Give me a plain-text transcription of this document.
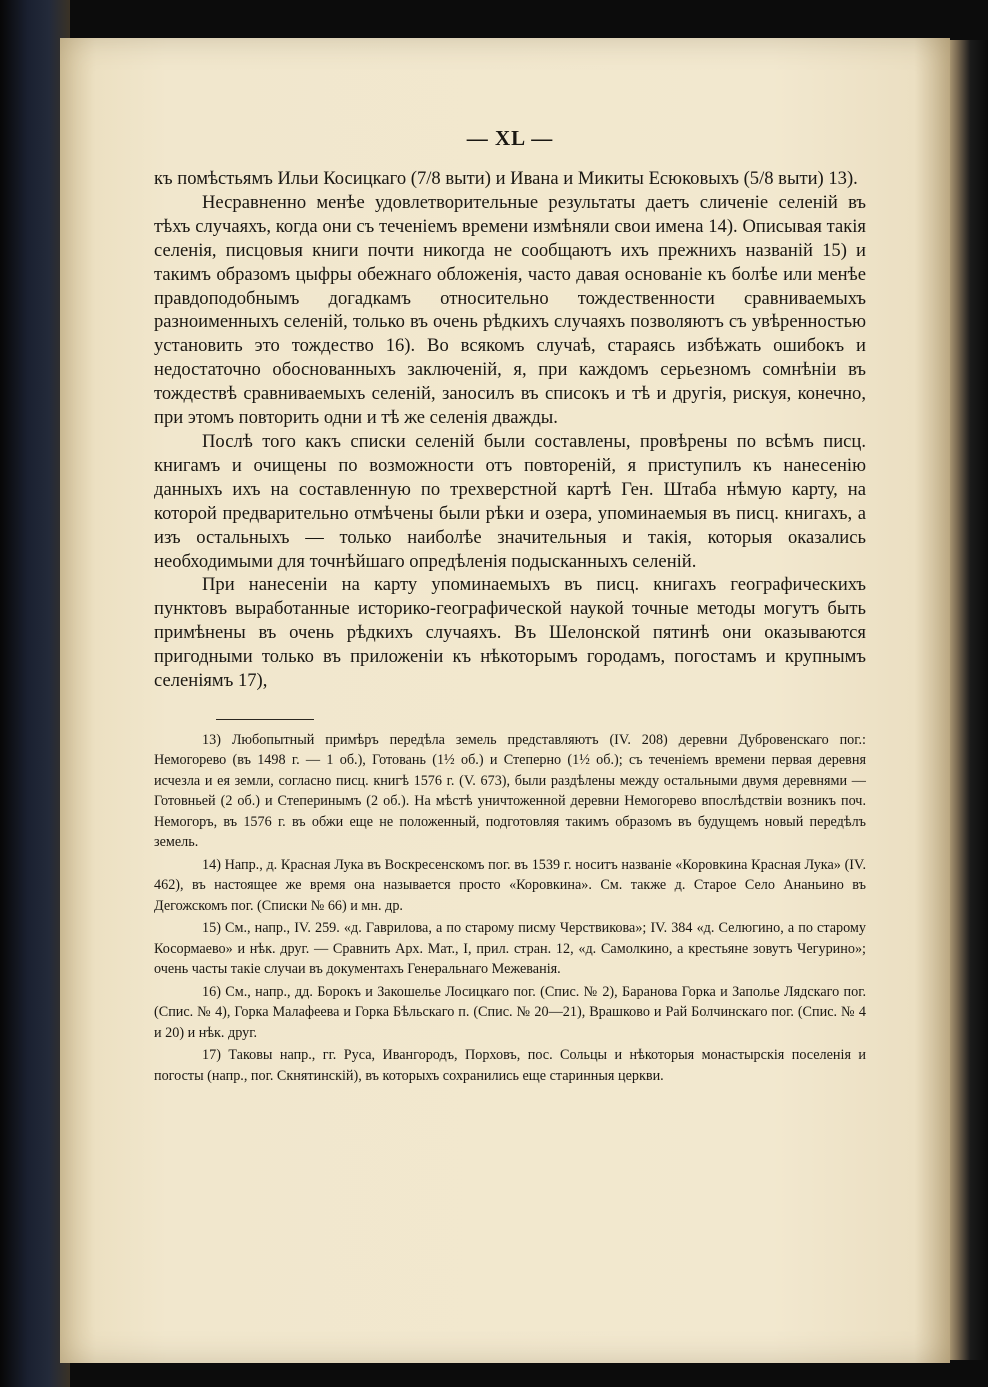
— XL —

къ помѣстьямъ Ильи Косицкаго (7/8 выти) и Ивана и Микиты Есюковыхъ (5/8 выти) 13).

Несравненно менѣе удовлетворительные результаты даетъ сличеніе селеній въ тѣхъ случаяхъ, когда они съ теченіемъ времени измѣняли свои имена 14). Описывая такія селенія, писцовыя книги почти никогда не сообщаютъ ихъ прежнихъ названій 15) и такимъ образомъ цыфры обежнаго обложенія, часто давая основаніе къ болѣе или менѣе правдоподобнымъ догадкамъ относительно тождественности сравниваемыхъ разноименныхъ селеній, только въ очень рѣдкихъ случаяхъ позволяютъ съ увѣренностью установить это тождество 16). Во всякомъ случаѣ, стараясь избѣжать ошибокъ и недостаточно обоснованныхъ заключеній, я, при каждомъ серьезномъ сомнѣніи въ тождествѣ сравниваемыхъ селеній, заносилъ въ списокъ и тѣ и другія, рискуя, конечно, при этомъ повторить одни и тѣ же селенія дважды.

Послѣ того какъ списки селеній были составлены, провѣрены по всѣмъ писц. книгамъ и очищены по возможности отъ повтореній, я приступилъ къ нанесенію данныхъ ихъ на составленную по трехверстной картѣ Ген. Штаба нѣмую карту, на которой предварительно отмѣчены были рѣки и озера, упоминаемыя въ писц. книгахъ, а изъ остальныхъ — только наиболѣе значительныя и такія, которыя оказались необходимыми для точнѣйшаго опредѣленія подысканныхъ селеній.

При нанесеніи на карту упоминаемыхъ въ писц. книгахъ географическихъ пунктовъ выработанные историко-географической наукой точные методы могутъ быть примѣнены въ очень рѣдкихъ случаяхъ. Въ Шелонской пятинѣ они оказываются пригодными только въ приложеніи къ нѣкоторымъ городамъ, погостамъ и крупнымъ селеніямъ 17),

13) Любопытный примѣръ передѣла земель представляютъ (IV. 208) деревни Дубровенскаго пог.: Немогорево (въ 1498 г. — 1 об.), Готовань (1½ об.) и Степерно (1½ об.); съ теченіемъ времени первая деревня исчезла и ея земли, согласно писц. книгѣ 1576 г. (V. 673), были раздѣлены между остальными двумя деревнями — Готовньей (2 об.) и Степеринымъ (2 об.). На мѣстѣ уничтоженной деревни Немогорево впослѣдствіи возникъ поч. Немогоръ, въ 1576 г. въ обжи еще не положенный, подготовляя такимъ образомъ въ будущемъ новый передѣлъ земель.

14) Напр., д. Красная Лука въ Воскресенскомъ пог. въ 1539 г. носитъ названіе «Коровкина Красная Лука» (IV. 462), въ настоящее же время она называется просто «Коровкина». См. также д. Старое Село Ананьино въ Дегожскомъ пог. (Списки № 66) и мн. др.

15) См., напр., IV. 259. «д. Гаврилова, а по старому писму Черствикова»; IV. 384 «д. Селюгино, а по старому Косормаево» и нѣк. друг. — Сравнить Арх. Мат., I, прил. стран. 12, «д. Самолкино, а крестьяне зовутъ Чегурино»; очень часты такіе случаи въ документахъ Генеральнаго Межеванія.

16) См., напр., дд. Борокъ и Закошелье Лосицкаго пог. (Спис. № 2), Баранова Горка и Заполье Лядскаго пог. (Спис. № 4), Горка Малафеева и Горка Бѣльскаго п. (Спис. № 20—21), Врашково и Рай Болчинскаго пог. (Спис. № 4 и 20) и нѣк. друг.

17) Таковы напр., гг. Руса, Ивангородъ, Порховъ, пос. Сольцы и нѣкоторыя монастырскія поселенія и погосты (напр., пог. Скнятинскій), въ которыхъ сохранились еще старинныя церкви.
